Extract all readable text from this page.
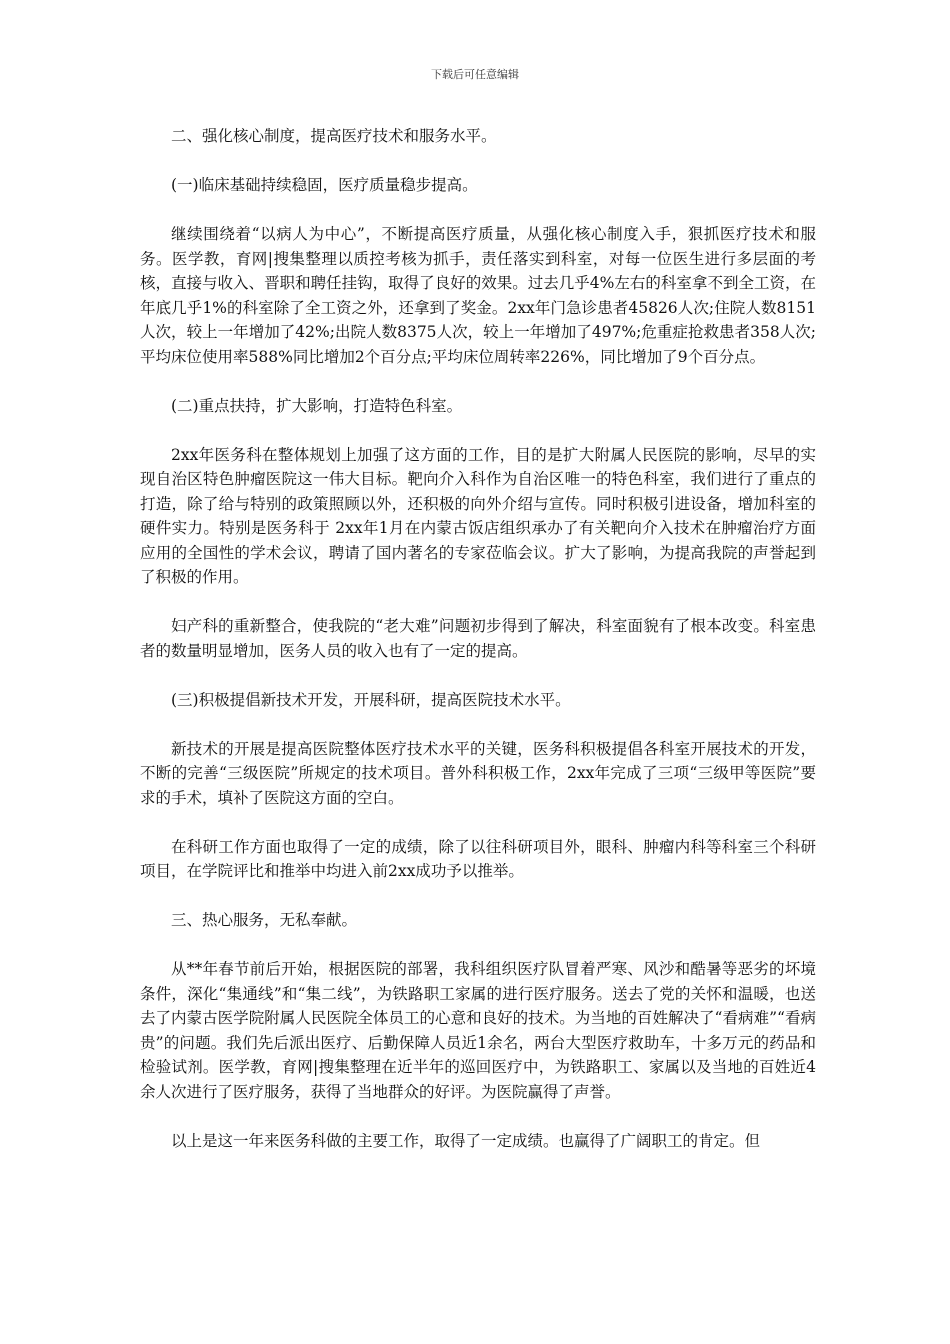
下载后可任意编辑

二、强化核心制度，提高医疗技术和服务水平。

(一)临床基础持续稳固，医疗质量稳步提高。

继续围绕着“以病人为中心”，不断提高医疗质量，从强化核心制度入手，狠抓医疗技术和服务。医学教，育网|搜集整理以质控考核为抓手，责任落实到科室，对每一位医生进行多层面的考核，直接与收入、晋职和聘任挂钩，取得了良好的效果。过去几乎4%左右的科室拿不到全工资，在年底几乎1%的科室除了全工资之外，还拿到了奖金。2xx年门急诊患者45826人次;住院人数8151人次，较上一年增加了42%;出院人数8375人次，较上一年增加了497%;危重症抢救患者358人次;平均床位使用率588%同比增加2个百分点;平均床位周转率226%，同比增加了9个百分点。

(二)重点扶持，扩大影响，打造特色科室。

2xx年医务科在整体规划上加强了这方面的工作，目的是扩大附属人民医院的影响，尽早的实现自治区特色肿瘤医院这一伟大目标。靶向介入科作为自治区唯一的特色科室，我们进行了重点的打造，除了给与特别的政策照顾以外，还积极的向外介绍与宣传。同时积极引进设备，增加科室的硬件实力。特别是医务科于 2xx年1月在内蒙古饭店组织承办了有关靶向介入技术在肿瘤治疗方面应用的全国性的学术会议，聘请了国内著名的专家莅临会议。扩大了影响，为提高我院的声誉起到了积极的作用。

妇产科的重新整合，使我院的“老大难”问题初步得到了解决，科室面貌有了根本改变。科室患者的数量明显增加，医务人员的收入也有了一定的提高。

(三)积极提倡新技术开发，开展科研，提高医院技术水平。

新技术的开展是提高医院整体医疗技术水平的关键，医务科积极提倡各科室开展技术的开发，不断的完善“三级医院”所规定的技术项目。普外科积极工作，2xx年完成了三项“三级甲等医院”要求的手术，填补了医院这方面的空白。

在科研工作方面也取得了一定的成绩，除了以往科研项目外，眼科、肿瘤内科等科室三个科研项目，在学院评比和推举中均进入前2xx成功予以推举。

三、热心服务，无私奉献。

从**年春节前后开始，根据医院的部署，我科组织医疗队冒着严寒、风沙和酷暑等恶劣的坏境条件，深化“集通线”和“集二线”，为铁路职工家属的进行医疗服务。送去了党的关怀和温暖，也送去了内蒙古医学院附属人民医院全体员工的心意和良好的技术。为当地的百姓解决了“看病难”“看病贵”的问题。我们先后派出医疗、后勤保障人员近1余名，两台大型医疗救助车，十多万元的药品和检验试剂。医学教，育网|搜集整理在近半年的巡回医疗中，为铁路职工、家属以及当地的百姓近4余人次进行了医疗服务，获得了当地群众的好评。为医院赢得了声誉。

以上是这一年来医务科做的主要工作，取得了一定成绩。也赢得了广阔职工的肯定。但
